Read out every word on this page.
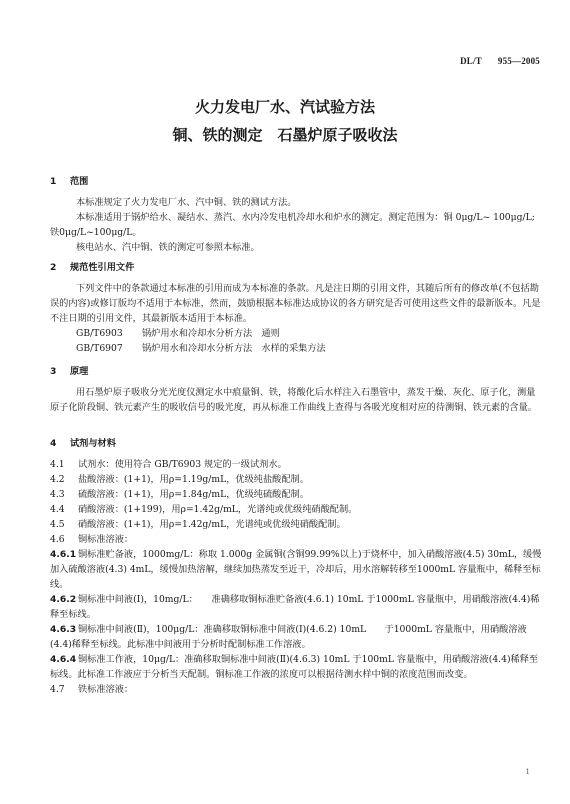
DL/T 955—2005
火力发电厂水、汽试验方法
铜、铁的测定　石墨炉原子吸收法
1 范围

本标准规定了火力发电厂水、汽中铜、铁的测试方法。

本标准适用于锅炉给水、凝结水、蒸汽、水内冷发电机冷却水和炉水的测定。测定范围为：铜 0μg/L~ 100μg/L; 铁0μg/L~100μg/L。

核电站水、汽中铜、铁的测定可参照本标准。

2 规范性引用文件

下列文件中的条款通过本标准的引用而成为本标准的条款。凡是注日期的引用文件，其随后所有的修改单(不包括勘误的内容)或修订版均不适用于本标准，然而，鼓励根据本标准达成协议的各方研究是否可使用这些文件的最新版本。凡是不注日期的引用文件，其最新版本适用于本标准。

GB/T6903 锅炉用水和冷却水分析方法　通则
GB/T6907 锅炉用水和冷却水分析方法　水样的采集方法
3 原理

用石墨炉原子吸收分光光度仪测定水中痕量铜、铁，将酸化后水样注入石墨管中，蒸发干燥、灰化、原子化，测量原子化阶段铜、铁元素产生的吸收信号的吸光度，再从标准工作曲线上查得与各吸光度相对应的待测铜、铁元素的含量。

4 试剂与材料

4.1 试剂水：使用符合 GB/T6903 规定的一级试剂水。

4.2 盐酸溶液：(1+1)，用ρ=1.19g/mL，优级纯盐酸配制。

4.3 硫酸溶液：(1+1)，用ρ=1.84g/mL，优级纯硫酸配制。

4.4 硝酸溶液：(1+199)，用ρ=1.42g/mL，光谱纯或优级纯硝酸配制。

4.5 硝酸溶液：(1+1)，用ρ=1.42g/mL，光谱纯或优级纯硝酸配制。

4.6 铜标准溶液：

4.6.1 铜标准贮备液，1000mg/L：称取 1.000g 金属铜(含铜99.99%以上)于烧杯中，加入硝酸溶液(4.5) 30mL，缓慢加入硫酸溶液(4.3) 4mL，缓慢加热溶解，继续加热蒸发至近干，冷却后，用水溶解转移至1000mL 容量瓶中，稀释至标线。

4.6.2 铜标准中间液(Ⅰ)，10mg/L：　　准确移取铜标准贮备液(4.6.1) 10mL 于1000mL 容量瓶中，用硝酸溶液(4.4)稀释至标线。

4.6.3 铜标准中间液(Ⅱ)，100μg/L：准确移取铜标准中间液(Ⅰ)(4.6.2) 10mL　　于1000mL 容量瓶中，用硝酸溶液(4.4)稀释至标线。此标准中间液用于分析时配制标准工作溶液。

4.6.4 铜标准工作液，10μg/L：准确移取铜标准中间液(Ⅱ)(4.6.3) 10mL 于100mL 容量瓶中，用硝酸溶液(4.4)稀释至标线。此标准工作液应于分析当天配制。铜标准工作液的浓度可以根据待测水样中铜的浓度范围而改变。

4.7 铁标准溶液：

1
